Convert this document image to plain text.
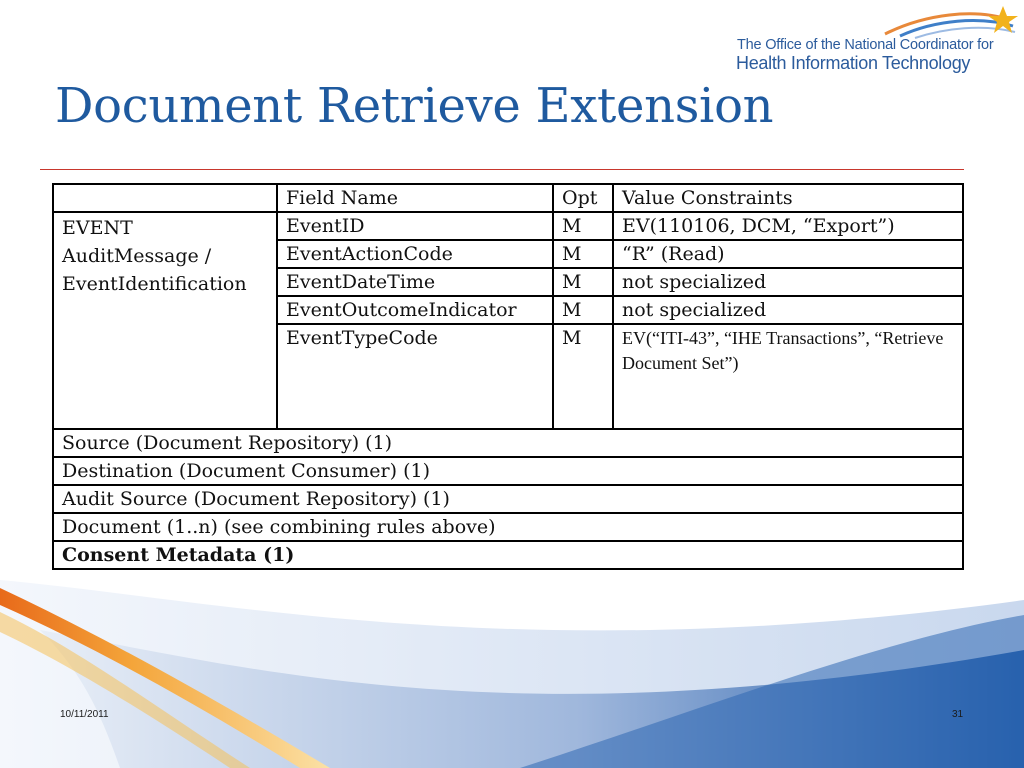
The Office of the National Coordinator for
Health Information Technology
Document Retrieve Extension
	Field Name	Opt	Value Constraints
EVENT
AuditMessage /
EventIdentification	EventID	M	EV(110106, DCM, “Export”)
	EventActionCode	M	“R” (Read)
	EventDateTime	M	not specialized
	EventOutcomeIndicator	M	not specialized
	EventTypeCode	M	EV(“ITI-43”, “IHE Transactions”, “Retrieve Document Set”)
Source (Document Repository) (1)			
Destination (Document Consumer) (1)			
Audit Source (Document Repository) (1)			
Document (1..n) (see combining rules above)			
Consent Metadata (1)			
10/11/2011	31
